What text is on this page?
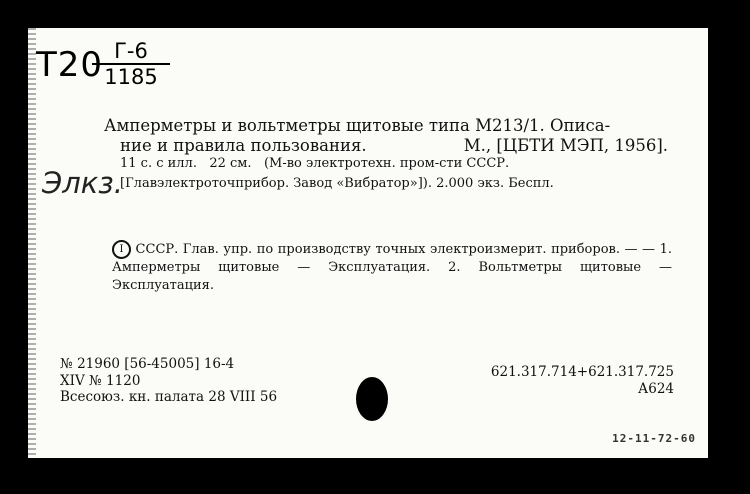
Т20 Г-6
1185
Элкз.
Амперметры и вольтметры щитовые типа М213/1. Описа-
ние и правила пользования.	М., [ЦБТИ МЭП, 1956].
11 с. с илл.   22 см.   (М-во электротехн. пром-сти СССР.
[Главэлектроточприбор. Завод «Вибратор»]). 2.000 экз. Беспл.
I СССР. Глав. упр. по производству точных электроизмерит. приборов. — — 1. Амперметры щитовые — Эксплуатация. 2. Вольтметры щитовые — Эксплуатация.
№ 21960 [56-45005] 16-4
XIV № 1120
Всесоюз. кн. палата 28 VIII 56
621.317.714+621.317.725
А624
12-11-72-60
